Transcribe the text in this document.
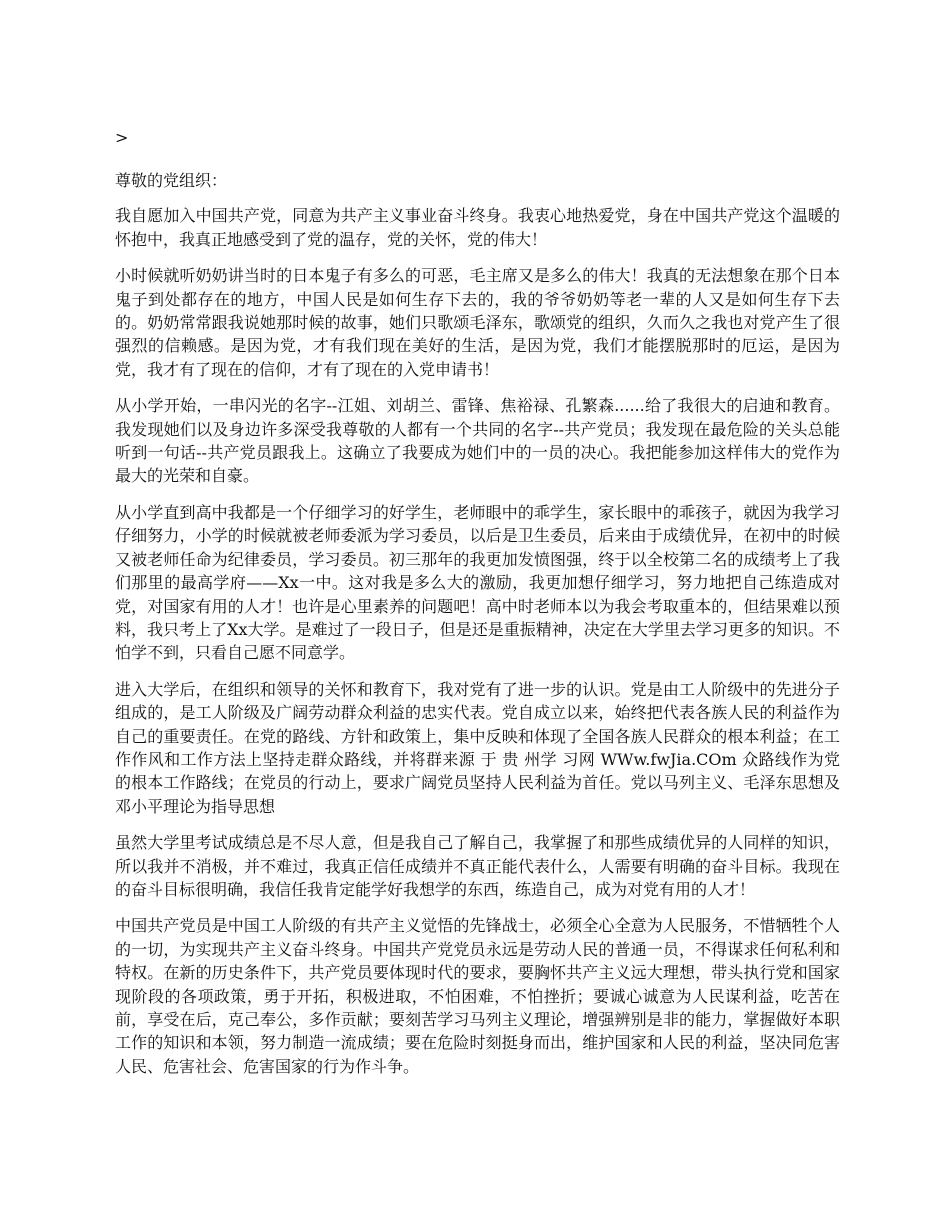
>

尊敬的党组织：

我自愿加入中国共产党，同意为共产主义事业奋斗终身。我衷心地热爱党，身在中国共产党这个温暖的怀抱中，我真正地感受到了党的温存，党的关怀，党的伟大！

小时候就听奶奶讲当时的日本鬼子有多么的可恶，毛主席又是多么的伟大！我真的无法想象在那个日本鬼子到处都存在的地方，中国人民是如何生存下去的，我的爷爷奶奶等老一辈的人又是如何生存下去的。奶奶常常跟我说她那时候的故事，她们只歌颂毛泽东，歌颂党的组织，久而久之我也对党产生了很强烈的信赖感。是因为党，才有我们现在美好的生活，是因为党，我们才能摆脱那时的厄运，是因为党，我才有了现在的信仰，才有了现在的入党申请书！

从小学开始，一串闪光的名字--江姐、刘胡兰、雷锋、焦裕禄、孔繁森......给了我很大的启迪和教育。我发现她们以及身边许多深受我尊敬的人都有一个共同的名字--共产党员；我发现在最危险的关头总能听到一句话--共产党员跟我上。这确立了我要成为她们中的一员的决心。我把能参加这样伟大的党作为最大的光荣和自豪。

从小学直到高中我都是一个仔细学习的好学生，老师眼中的乖学生，家长眼中的乖孩子，就因为我学习仔细努力，小学的时候就被老师委派为学习委员，以后是卫生委员，后来由于成绩优异，在初中的时候又被老师任命为纪律委员，学习委员。初三那年的我更加发愤图强，终于以全校第二名的成绩考上了我们那里的最高学府——Xx一中。这对我是多么大的激励，我更加想仔细学习，努力地把自己练造成对党，对国家有用的人才！也许是心里素养的问题吧！高中时老师本以为我会考取重本的，但结果难以预料，我只考上了Xx大学。是难过了一段日子，但是还是重振精神，决定在大学里去学习更多的知识。不怕学不到，只看自己愿不同意学。

进入大学后，在组织和领导的关怀和教育下，我对党有了进一步的认识。党是由工人阶级中的先进分子组成的，是工人阶级及广阔劳动群众利益的忠实代表。党自成立以来，始终把代表各族人民的利益作为自己的重要责任。在党的路线、方针和政策上，集中反映和体现了全国各族人民群众的根本利益；在工作作风和工作方法上坚持走群众路线，并将群来源 于 贵 州学 习网 WWw.fwJia.COm 众路线作为党的根本工作路线；在党员的行动上，要求广阔党员坚持人民利益为首任。党以马列主义、毛泽东思想及邓小平理论为指导思想

虽然大学里考试成绩总是不尽人意，但是我自己了解自己，我掌握了和那些成绩优异的人同样的知识，所以我并不消极，并不难过，我真正信任成绩并不真正能代表什么，人需要有明确的奋斗目标。我现在的奋斗目标很明确，我信任我肯定能学好我想学的东西，练造自己，成为对党有用的人才！

中国共产党员是中国工人阶级的有共产主义觉悟的先锋战士，必须全心全意为人民服务，不惜牺牲个人的一切，为实现共产主义奋斗终身。中国共产党党员永远是劳动人民的普通一员，不得谋求任何私利和特权。在新的历史条件下，共产党员要体现时代的要求，要胸怀共产主义远大理想，带头执行党和国家现阶段的各项政策，勇于开拓，积极进取，不怕困难，不怕挫折；要诚心诚意为人民谋利益，吃苦在前，享受在后，克己奉公，多作贡献；要刻苦学习马列主义理论，增强辨别是非的能力，掌握做好本职工作的知识和本领，努力制造一流成绩；要在危险时刻挺身而出，维护国家和人民的利益，坚决同危害人民、危害社会、危害国家的行为作斗争。
